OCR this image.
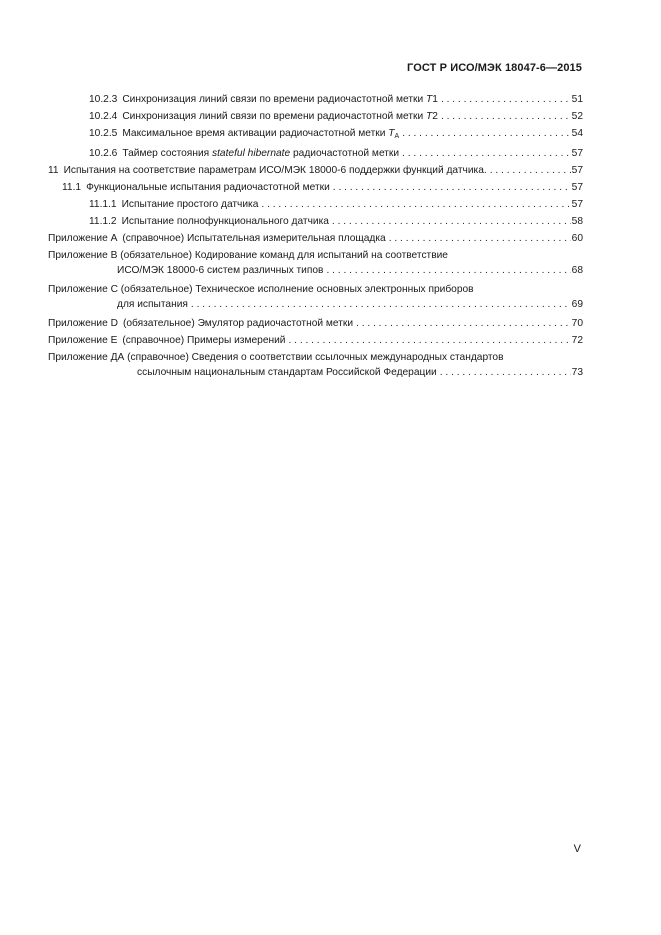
ГОСТ Р ИСО/МЭК 18047-6—2015
10.2.3 Синхронизация линий связи по времени радиочастотной метки T1 . . .	51
10.2.4 Синхронизация линий связи по времени радиочастотной метки T2 . . .	52
10.2.5 Максимальное время активации радиочастотной метки $T_A$ . . .	54
10.2.6 Таймер состояния stateful hibernate радиочастотной метки . . .	57
11 Испытания на соответствие параметрам ИСО/МЭК 18000-6 поддержки функций датчика. . . .	57
11.1 Функциональные испытания радиочастотной метки . . .	57
11.1.1 Испытание простого датчика . . .	57
11.1.2 Испытание полнофункционального датчика . . .	58
Приложение А (справочное) Испытательная измерительная площадка . . .	60
Приложение В (обязательное) Кодирование команд для испытаний на соответствие
ИСО/МЭК 18000-6 систем различных типов . . .	68
Приложение С (обязательное) Техническое исполнение основных электронных приборов
для испытания . . .	69
Приложение D (обязательное) Эмулятор радиочастотной метки . . .	70
Приложение Е (справочное) Примеры измерений . . .	72
Приложение ДА (справочное) Сведения о соответствии ссылочных международных стандартов
ссылочным национальным стандартам Российской Федерации . . .	73
V
